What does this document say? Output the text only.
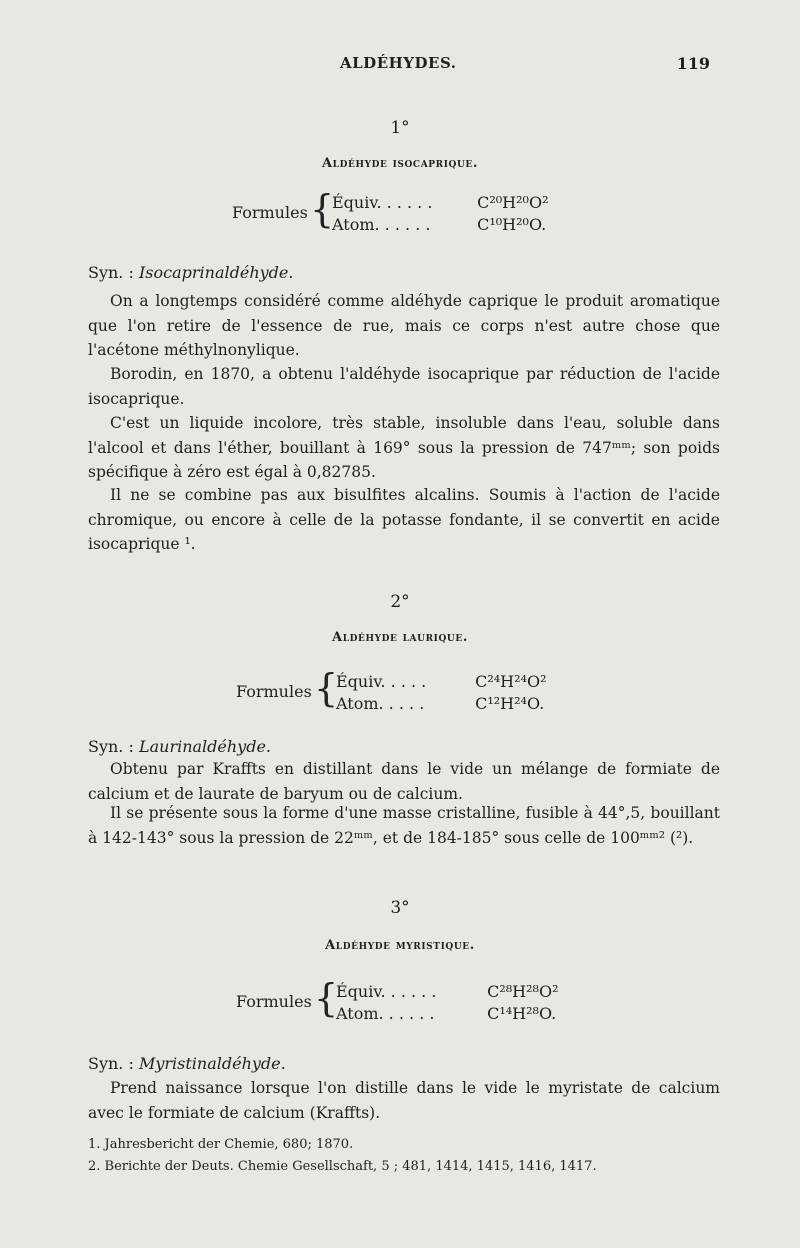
ALDÉHYDES.	119
1°
Aldéhyde isocaprique.
Formules {
Équiv. . . . . .	C²⁰H²⁰O²
Atom. . . . . .	C¹⁰H²⁰O.
Syn. : Isocaprinaldéhyde.
On a longtemps considéré comme aldéhyde caprique le produit aromatique que l'on retire de l'essence de rue, mais ce corps n'est autre chose que l'acétone méthylnonylique.
Borodin, en 1870, a obtenu l'aldéhyde isocaprique par réduction de l'acide isocaprique.
C'est un liquide incolore, très stable, insoluble dans l'eau, soluble dans l'alcool et dans l'éther, bouillant à 169° sous la pression de 747ᵐᵐ; son poids spécifique à zéro est égal à 0,82785.
Il ne se combine pas aux bisulfites alcalins. Soumis à l'action de l'acide chromique, ou encore à celle de la potasse fondante, il se convertit en acide isocaprique ¹.
2°
Aldéhyde laurique.
Formules {
Équiv. . . . .	C²⁴H²⁴O²
Atom. . . . .	C¹²H²⁴O.
Syn. : Laurinaldéhyde.
Obtenu par Kraffts en distillant dans le vide un mélange de formiate de calcium et de laurate de baryum ou de calcium.
Il se présente sous la forme d'une masse cristalline, fusible à 44°,5, bouillant à 142-143° sous la pression de 22ᵐᵐ, et de 184-185° sous celle de 100ᵐᵐ² (²).
3°
Aldéhyde myristique.
Formules {
Équiv. . . . . .	C²⁸H²⁸O²
Atom. . . . . .	C¹⁴H²⁸O.
Syn. : Myristinaldéhyde.
Prend naissance lorsque l'on distille dans le vide le myristate de calcium avec le formiate de calcium (Kraffts).
1. Jahresbericht der Chemie, 680; 1870.
2. Berichte der Deuts. Chemie Gesellschaft, 5 ; 481, 1414, 1415, 1416, 1417.
